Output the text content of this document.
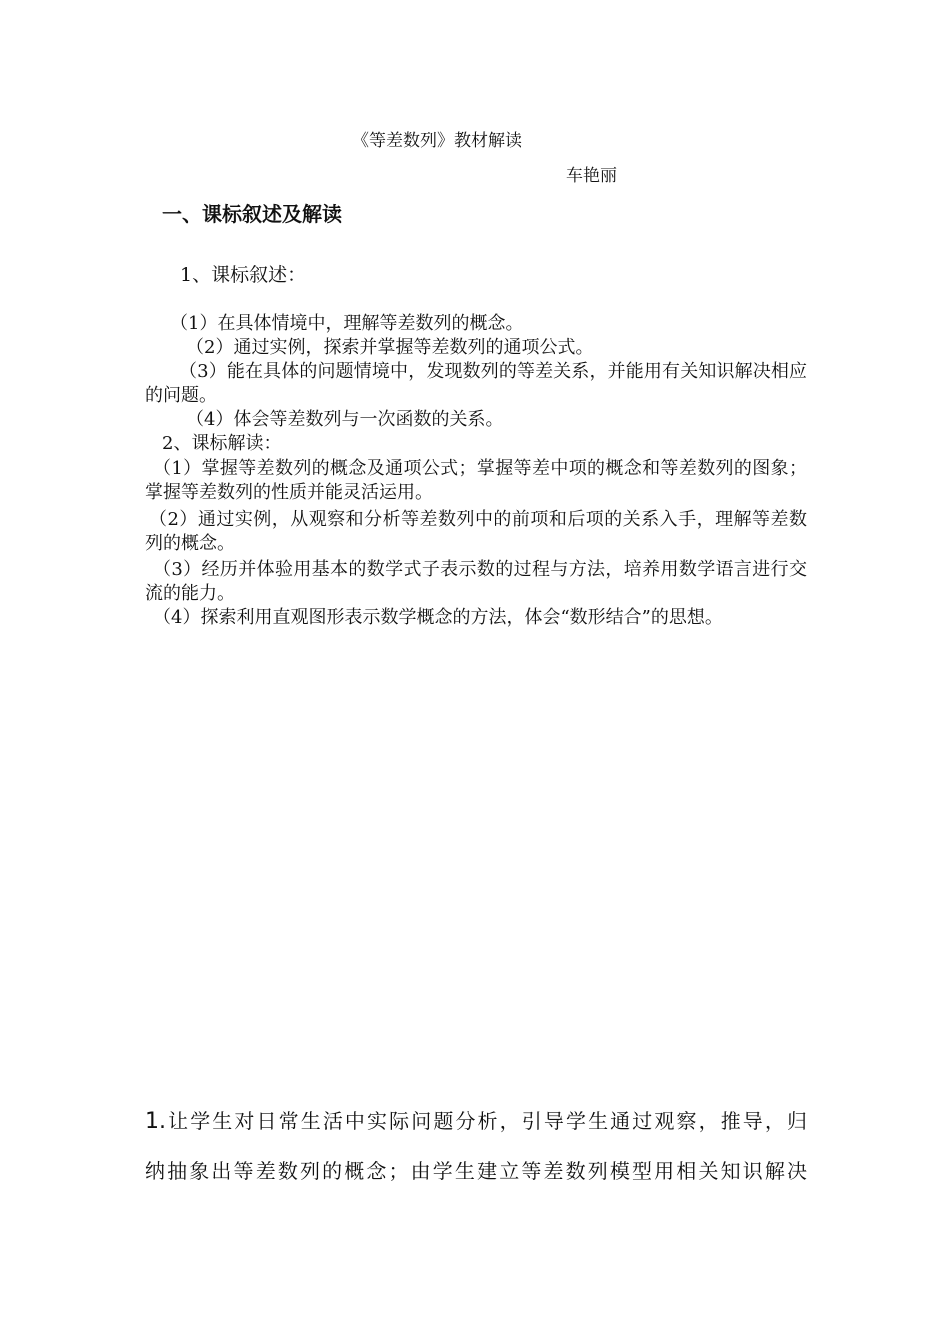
《等差数列》教材解读
车艳丽
一、课标叙述及解读
1、课标叙述：
（1）在具体情境中，理解等差数列的概念。
（2）通过实例，探索并掌握等差数列的通项公式。
（3）能在具体的问题情境中，发现数列的等差关系，并能用有关知识解决相应的问题。
（4）体会等差数列与一次函数的关系。
2、课标解读：
（1）掌握等差数列的概念及通项公式；掌握等差中项的概念和等差数列的图象；掌握等差数列的性质并能灵活运用。
（2）通过实例，从观察和分析等差数列中的前项和后项的关系入手，理解等差数列的概念。
（3）经历并体验用基本的数学式子表示数的过程与方法，培养用数学语言进行交流的能力。
（4）探索利用直观图形表示数学概念的方法，体会“数形结合”的思想。
1.让学生对日常生活中实际问题分析，引导学生通过观察，推导，归
纳抽象出等差数列的概念；由学生建立等差数列模型用相关知识解决
